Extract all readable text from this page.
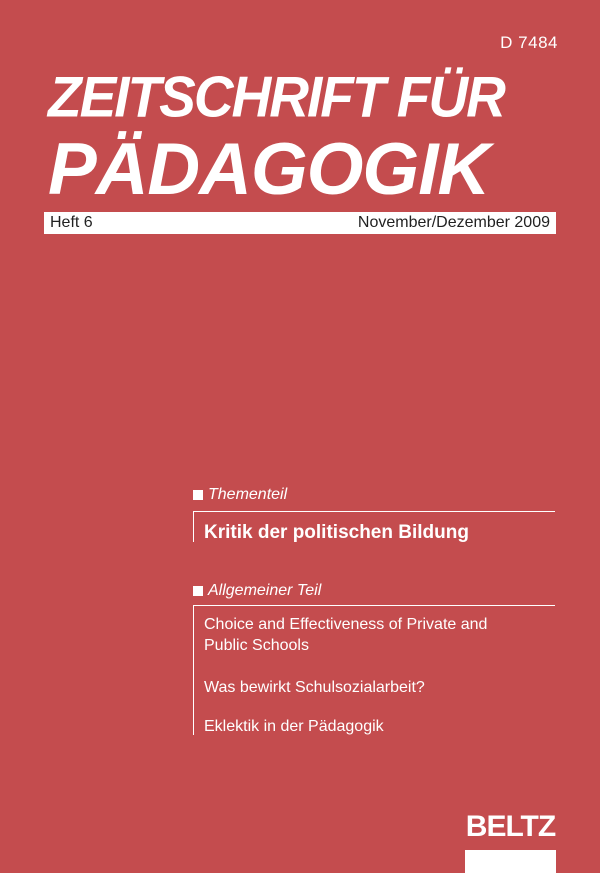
D 7484
ZEITSCHRIFT FÜR
PÄDAGOGIK
Heft 6	November/Dezember 2009
Thementeil
Kritik der politischen Bildung
Allgemeiner Teil
Choice and Effectiveness of Private and
Public Schools
Was bewirkt Schulsozialarbeit?
Eklektik in der Pädagogik
BELTZ
